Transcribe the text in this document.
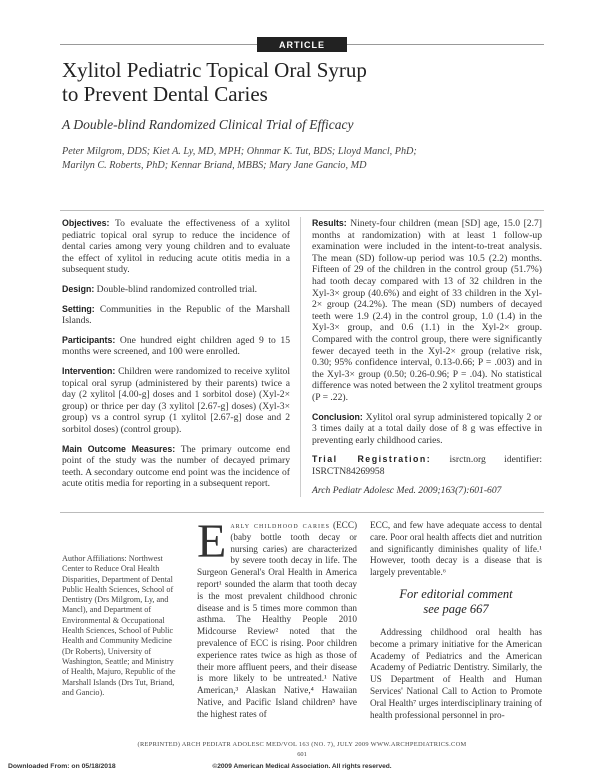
ARTICLE
Xylitol Pediatric Topical Oral Syrup
to Prevent Dental Caries
A Double-blind Randomized Clinical Trial of Efficacy
Peter Milgrom, DDS; Kiet A. Ly, MD, MPH; Ohnmar K. Tut, BDS; Lloyd Mancl, PhD;
Marilyn C. Roberts, PhD; Kennar Briand, MBBS; Mary Jane Gancio, MD

Objectives: To evaluate the effectiveness of a xylitol pediatric topical oral syrup to reduce the incidence of dental caries among very young children and to evaluate the effect of xylitol in reducing acute otitis media in a subsequent study.

Design: Double-blind randomized controlled trial.

Setting: Communities in the Republic of the Marshall Islands.

Participants: One hundred eight children aged 9 to 15 months were screened, and 100 were enrolled.

Intervention: Children were randomized to receive xylitol topical oral syrup (administered by their parents) twice a day (2 xylitol [4.00-g] doses and 1 sorbitol dose) (Xyl-2× group) or thrice per day (3 xylitol [2.67-g] doses) (Xyl-3× group) vs a control syrup (1 xylitol [2.67-g] dose and 2 sorbitol doses) (control group).

Main Outcome Measures: The primary outcome end point of the study was the number of decayed primary teeth. A secondary outcome end point was the incidence of acute otitis media for reporting in a subsequent report.

Results: Ninety-four children (mean [SD] age, 15.0 [2.7] months at randomization) with at least 1 follow-up examination were included in the intent-to-treat analysis. The mean (SD) follow-up period was 10.5 (2.2) months. Fifteen of 29 of the children in the control group (51.7%) had tooth decay compared with 13 of 32 children in the Xyl-3× group (40.6%) and eight of 33 children in the Xyl-2× group (24.2%). The mean (SD) numbers of decayed teeth were 1.9 (2.4) in the control group, 1.0 (1.4) in the Xyl-3× group, and 0.6 (1.1) in the Xyl-2× group. Compared with the control group, there were significantly fewer decayed teeth in the Xyl-2× group (relative risk, 0.30; 95% confidence interval, 0.13-0.66; P = .003) and in the Xyl-3× group (0.50; 0.26-0.96; P = .04). No statistical difference was noted between the 2 xylitol treatment groups (P = .22).

Conclusion: Xylitol oral syrup administered topically 2 or 3 times daily at a total daily dose of 8 g was effective in preventing early childhood caries.

Trial Registration: isrctn.org identifier: ISRCTN84269958

Arch Pediatr Adolesc Med. 2009;163(7):601-607

Author Affiliations: Northwest Center to Reduce Oral Health Disparities, Department of Dental Public Health Sciences, School of Dentistry (Drs Milgrom, Ly, and Mancl), and Department of Environmental & Occupational Health Sciences, School of Public Health and Community Medicine (Dr Roberts), University of Washington, Seattle; and Ministry of Health, Majuro, Republic of the Marshall Islands (Drs Tut, Briand, and Gancio).
Early childhood caries (ECC) (baby bottle tooth decay or nursing caries) are characterized by severe tooth decay in life. The Surgeon General's Oral Health in America report¹ sounded the alarm that tooth decay is the most prevalent childhood chronic disease and is 5 times more common than asthma. The Healthy People 2010 Midcourse Review² noted that the prevalence of ECC is rising. Poor children experience rates twice as high as those of their more affluent peers, and their disease is more likely to be untreated.¹ Native American,³ Alaskan Native,⁴ Hawaiian Native, and Pacific Island children⁵ have the highest rates of
ECC, and few have adequate access to dental care. Poor oral health affects diet and nutrition and significantly diminishes quality of life.¹ However, tooth decay is a disease that is largely preventable.⁶
For editorial comment
see page 667
Addressing childhood oral health has become a primary initiative for the American Academy of Pediatrics and the American Academy of Pediatric Dentistry. Similarly, the US Department of Health and Human Services' National Call to Action to Promote Oral Health⁷ urges interdisciplinary training of health professional personnel in pro-
(REPRINTED) ARCH PEDIATR ADOLESC MED/VOL 163 (NO. 7), JULY 2009 WWW.ARCHPEDIATRICS.COM
601
©2009 American Medical Association. All rights reserved.
Downloaded From: on 05/18/2018
